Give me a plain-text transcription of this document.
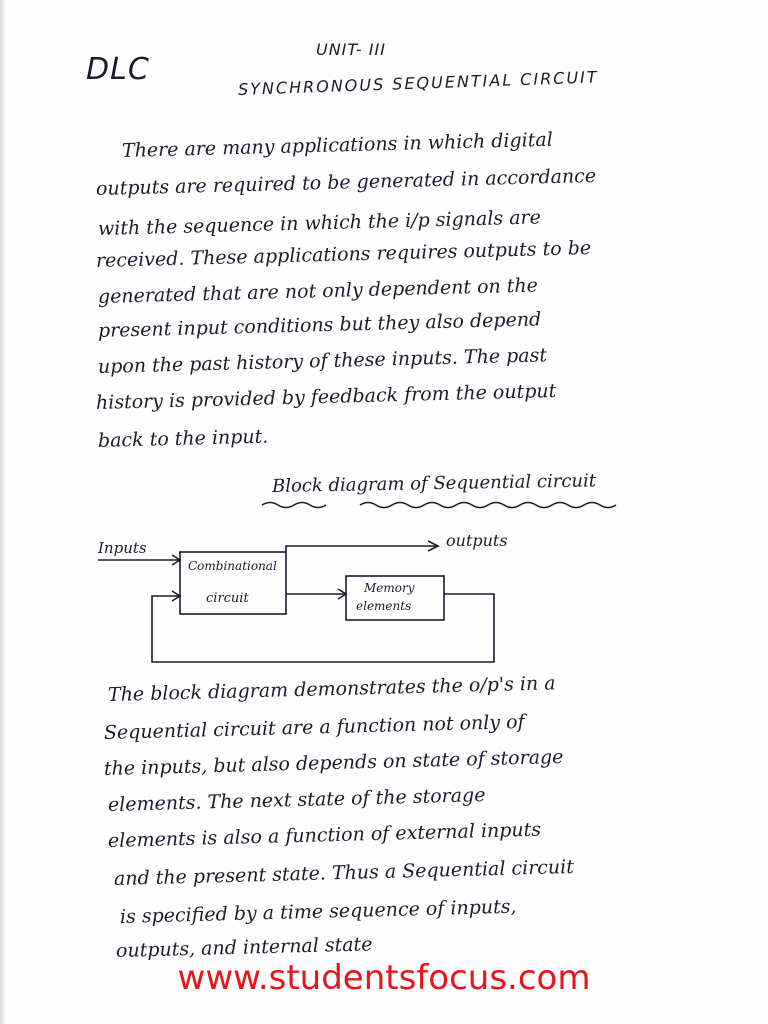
DLC
UNIT- III
SYNCHRONOUS SEQUENTIAL CIRCUIT
There are many applications in which digital
outputs are required to be generated in accordance
with the sequence in which the i/p signals are
received. These applications requires outputs to be
generated that are not only dependent on the
present input conditions but they also depend
upon the past history of these inputs. The past
history is provided by feedback from the output
back to the input.
Block diagram of Sequential circuit
Inputs	outputs
Combinational
circuit
Memory
elements
The block diagram demonstrates the o/p's in a
Sequential circuit are a function not only of
the inputs, but also depends on state of storage
elements. The next state of the storage
elements is also a function of external inputs
and the present state. Thus a Sequential circuit
is specified by a time sequence of inputs,
outputs, and internal state
www.studentsfocus.com
